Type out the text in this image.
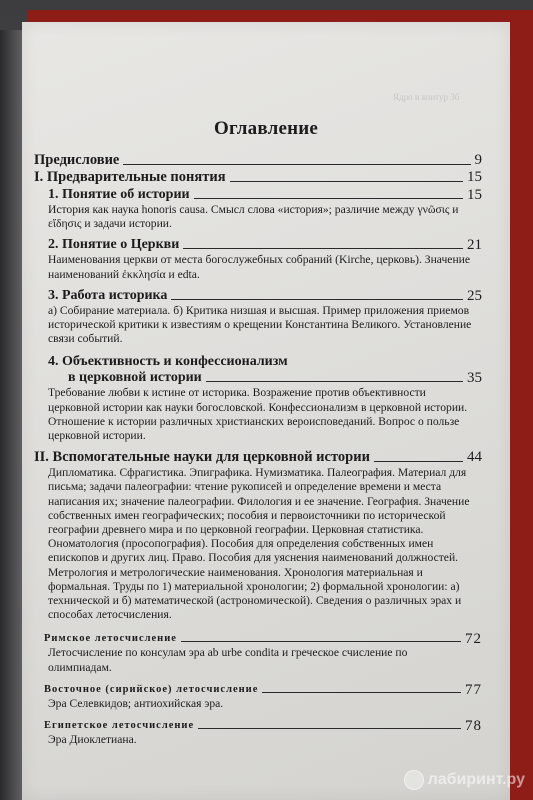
Ядро и контур 3б
Оглавление
Предисловие	9
I. Предварительные понятия	15
1. Понятие об истории	15
История как наука honoris causa. Смысл слова «история»; различие между γνῶσις и εἴδησις и задачи истории.
2. Понятие о Церкви	21
Наименования церкви от места богослужебных собраний (Kirche, церковь). Значение наименований ἐκκλησία и edta.
3. Работа историка	25
а) Собирание материала. б) Критика низшая и высшая. Пример приложения приемов исторической критики к известиям о крещении Константина Великого. Установление связи событий.
4. Объективность и конфессионализм
в церковной истории	35
Требование любви к истине от историка. Возражение против объективности церковной истории как науки богословской. Конфессионализм в церковной истории. Отношение к истории различных христианских вероисповеданий. Вопрос о пользе церковной истории.
II. Вспомогательные науки для церковной истории	44
Дипломатика. Сфрагистика. Эпиграфика. Нумизматика. Палеография. Материал для письма; задачи палеографии: чтение рукописей и определение времени и места написания их; значение палеографии. Филология и ее значение. География. Значение собственных имен географических; пособия и первоисточники по исторической географии древнего мира и по церковной географии. Церковная статистика. Ономатология (просопография). Пособия для определения собственных имен епископов и других лиц. Право. Пособия для уяснения наименований должностей. Метрология и метрологические наименования. Хронология материальная и формальная. Труды по 1) материальной хронологии; 2) формальной хронологии: а) технической и б) математической (астрономической). Сведения о различных эрах и способах летосчисления.
Римское летосчисление	72
Летосчисление по консулам эра ab urbe condita и греческое счисление по олимпиадам.
Восточное (сирийское) летосчисление	77
Эра Селевкидов; антиохийская эра.
Египетское летосчисление	78
Эра Диоклетиана.
лабиринт.ру
